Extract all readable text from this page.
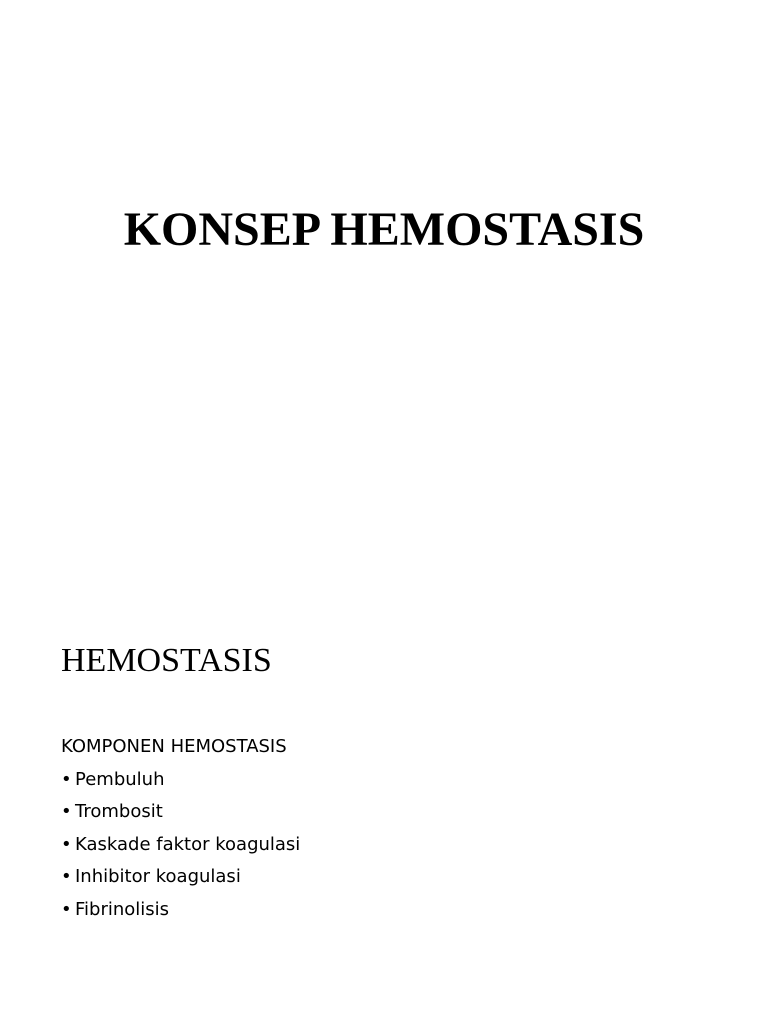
KONSEP HEMOSTASIS
HEMOSTASIS
KOMPONEN HEMOSTASIS
• Pembuluh
• Trombosit
• Kaskade faktor koagulasi
• Inhibitor koagulasi
• Fibrinolisis
